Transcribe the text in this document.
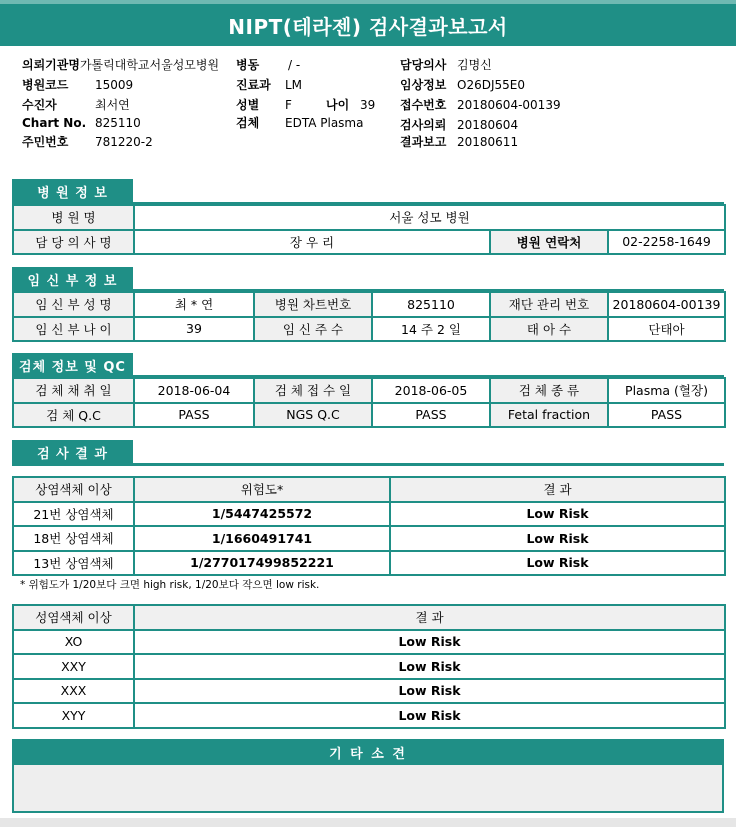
NIPT(테라젠) 검사결과보고서
의뢰기관명가톨릭대학교서울성모병원
병원코드 15009
수진자	최서연
Chart No. 825110
주민번호 781220-2
병동 / -
진료과 LM
성별 F	나이 39
검체 EDTA Plasma
담당의사 김명신
임상정보 O26DJ55E0
접수번호 20180604-00139
검사의뢰 20180604
결과보고 20180611
병 원 정 보
병 원 명	서울 성모 병원		
담 당 의 사 명	장 우 리	병원 연락처	02-2258-1649
임 신 부 정 보
임 신 부 성 명	최 * 연	병원 차트번호	825110	재단 관리 번호	20180604-00139
임 신 부 나 이	39	임 신 주 수	14 주 2 일	태 아 수	단태아
검체 정보 및 QC
검 체 채 취 일	2018-06-04	검 체 접 수 일	2018-06-05	검 체 종 류	Plasma (혈장)
검 체 Q.C	PASS	NGS Q.C	PASS	Fetal fraction	PASS
검 사 결 과
상염색체 이상	위험도*	결 과
21번 상염색체	1/5447425572	Low Risk
18번 상염색체	1/1660491741	Low Risk
13번 상염색체	1/277017499852221	Low Risk
* 위험도가 1/20보다 크면 high risk, 1/20보다 작으면 low risk.
성염색체 이상	결 과
XO	Low Risk
XXY	Low Risk
XXX	Low Risk
XYY	Low Risk
기 타 소 견
